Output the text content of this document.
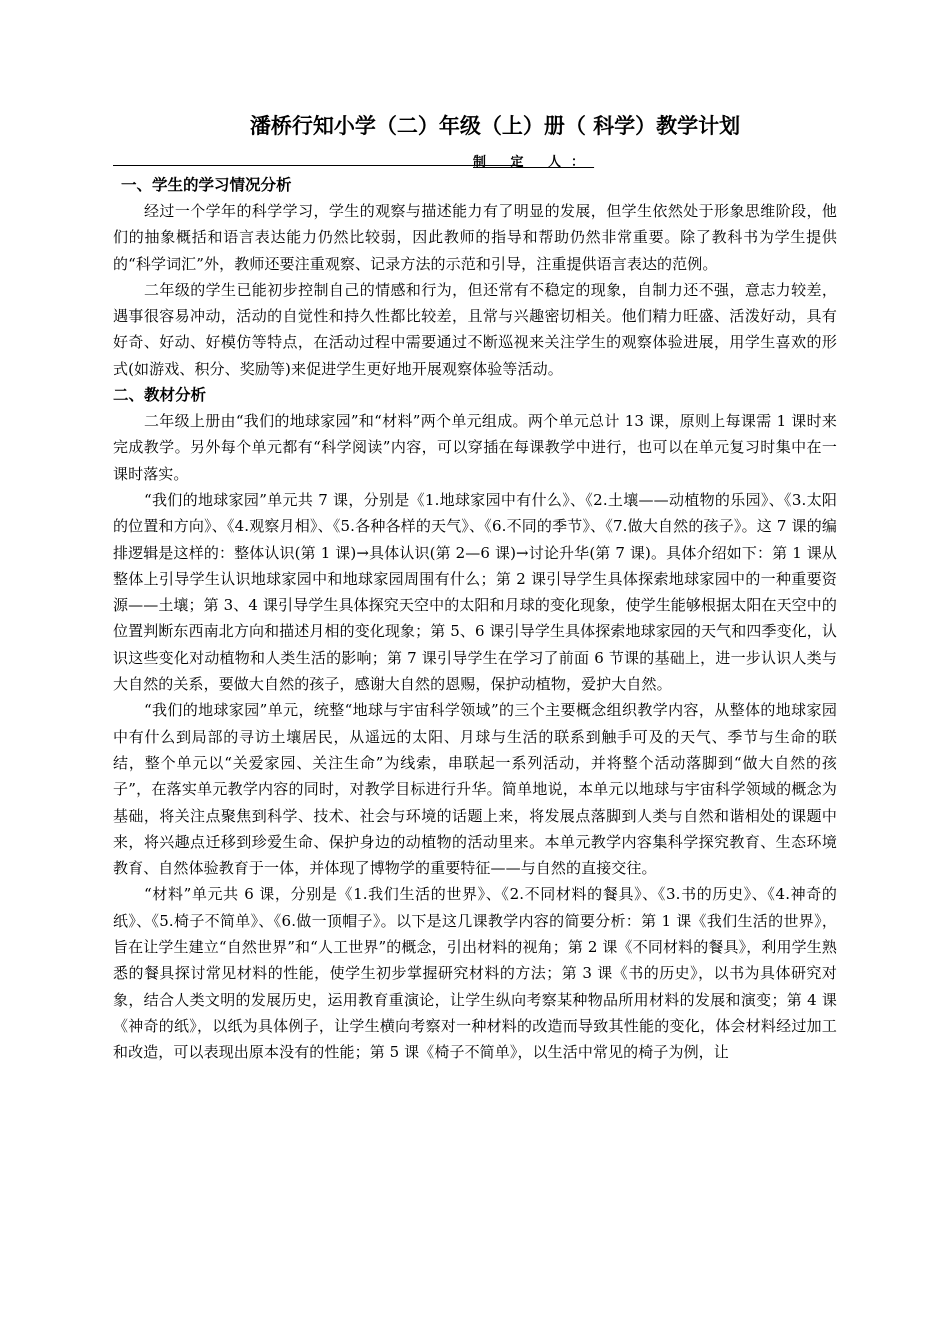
潘桥行知小学（二）年级（上）册（ 科学）教学计划
制 定 人：
一、学生的学习情况分析

经过一个学年的科学学习，学生的观察与描述能力有了明显的发展，但学生依然处于形象思维阶段，他们的抽象概括和语言表达能力仍然比较弱，因此教师的指导和帮助仍然非常重要。除了教科书为学生提供的“科学词汇”外，教师还要注重观察、记录方法的示范和引导，注重提供语言表达的范例。

二年级的学生已能初步控制自己的情感和行为，但还常有不稳定的现象，自制力还不强，意志力较差，遇事很容易冲动，活动的自觉性和持久性都比较差，且常与兴趣密切相关。他们精力旺盛、活泼好动，具有好奇、好动、好模仿等特点，在活动过程中需要通过不断巡视来关注学生的观察体验进展，用学生喜欢的形式(如游戏、积分、奖励等)来促进学生更好地开展观察体验等活动。

二、教材分析

二年级上册由“我们的地球家园”和“材料”两个单元组成。两个单元总计 13 课，原则上每课需 1 课时来完成教学。另外每个单元都有“科学阅读”内容，可以穿插在每课教学中进行，也可以在单元复习时集中在一课时落实。

“我们的地球家园”单元共 7 课，分别是《1.地球家园中有什么》、《2.土壤——动植物的乐园》、《3.太阳的位置和方向》、《4.观察月相》、《5.各种各样的天气》、《6.不同的季节》、《7.做大自然的孩子》。这 7 课的编排逻辑是这样的：整体认识(第 1 课)→具体认识(第 2—6 课)→讨论升华(第 7 课)。具体介绍如下：第 1 课从整体上引导学生认识地球家园中和地球家园周围有什么；第 2 课引导学生具体探索地球家园中的一种重要资源——土壤；第 3、4 课引导学生具体探究天空中的太阳和月球的变化现象，使学生能够根据太阳在天空中的位置判断东西南北方向和描述月相的变化现象；第 5、6 课引导学生具体探索地球家园的天气和四季变化，认识这些变化对动植物和人类生活的影响；第 7 课引导学生在学习了前面 6 节课的基础上，进一步认识人类与大自然的关系，要做大自然的孩子，感谢大自然的恩赐，保护动植物，爱护大自然。

“我们的地球家园”单元，统整“地球与宇宙科学领域”的三个主要概念组织教学内容，从整体的地球家园中有什么到局部的寻访土壤居民，从遥远的太阳、月球与生活的联系到触手可及的天气、季节与生命的联结，整个单元以“关爱家园、关注生命”为线索，串联起一系列活动，并将整个活动落脚到“做大自然的孩子”，在落实单元教学内容的同时，对教学目标进行升华。简单地说，本单元以地球与宇宙科学领域的概念为基础，将关注点聚焦到科学、技术、社会与环境的话题上来，将发展点落脚到人类与自然和谐相处的课题中来，将兴趣点迁移到珍爱生命、保护身边的动植物的活动里来。本单元教学内容集科学探究教育、生态环境教育、自然体验教育于一体，并体现了博物学的重要特征——与自然的直接交往。

“材料”单元共 6 课，分别是《1.我们生活的世界》、《2.不同材料的餐具》、《3.书的历史》、《4.神奇的纸》、《5.椅子不简单》、《6.做一顶帽子》。以下是这几课教学内容的简要分析：第 1 课《我们生活的世界》，旨在让学生建立“自然世界”和“人工世界”的概念，引出材料的视角；第 2 课《不同材料的餐具》，利用学生熟悉的餐具探讨常见材料的性能，使学生初步掌握研究材料的方法；第 3 课《书的历史》，以书为具体研究对象，结合人类文明的发展历史，运用教育重演论，让学生纵向考察某种物品所用材料的发展和演变；第 4 课《神奇的纸》，以纸为具体例子，让学生横向考察对一种材料的改造而导致其性能的变化，体会材料经过加工和改造，可以表现出原本没有的性能；第 5 课《椅子不简单》，以生活中常见的椅子为例，让
